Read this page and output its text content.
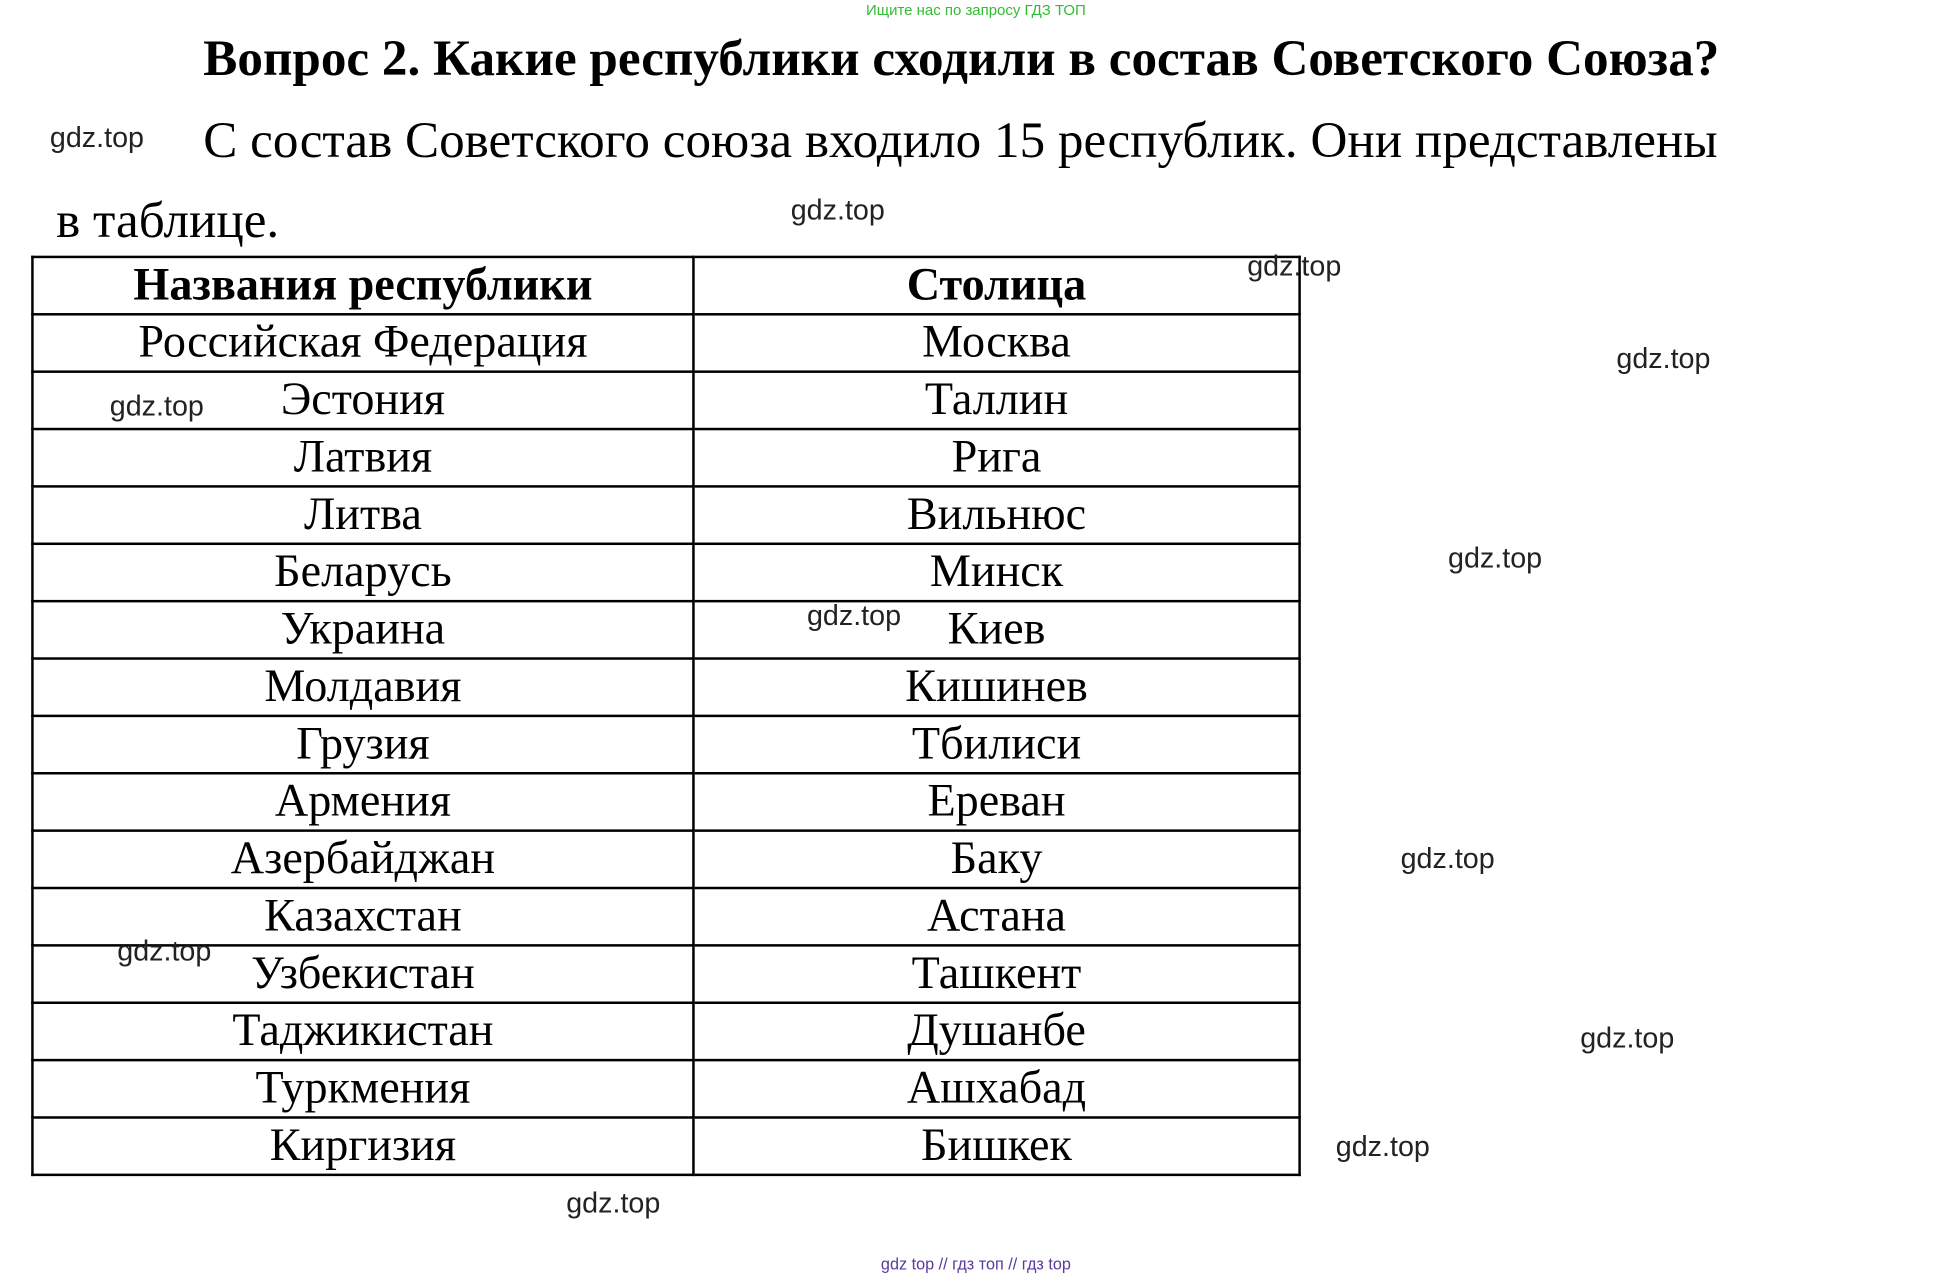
Ищите нас по запросу ГДЗ ТОП
Вопрос 2. Какие республики сходили в состав Советского Союза?
С состав Советского союза входило 15 республик. Они представлены
в таблице.
Названия республики	Столица
Российская Федерация	Москва
Эстония	Таллин
Латвия	Рига
Литва	Вильнюс
Беларусь	Минск
Украина	Киев
Молдавия	Кишинев
Грузия	Тбилиси
Армения	Ереван
Азербайджан	Баку
Казахстан	Астана
Узбекистан	Ташкент
Таджикистан	Душанбе
Туркмения	Ашхабад
Киргизия	Бишкек
gdz.top
gdz.top
gdz.top
gdz.top
gdz.top
gdz.top
gdz.top
gdz.top
gdz.top
gdz.top
gdz.top
gdz.top
gdz top // гдз топ // гдз top
